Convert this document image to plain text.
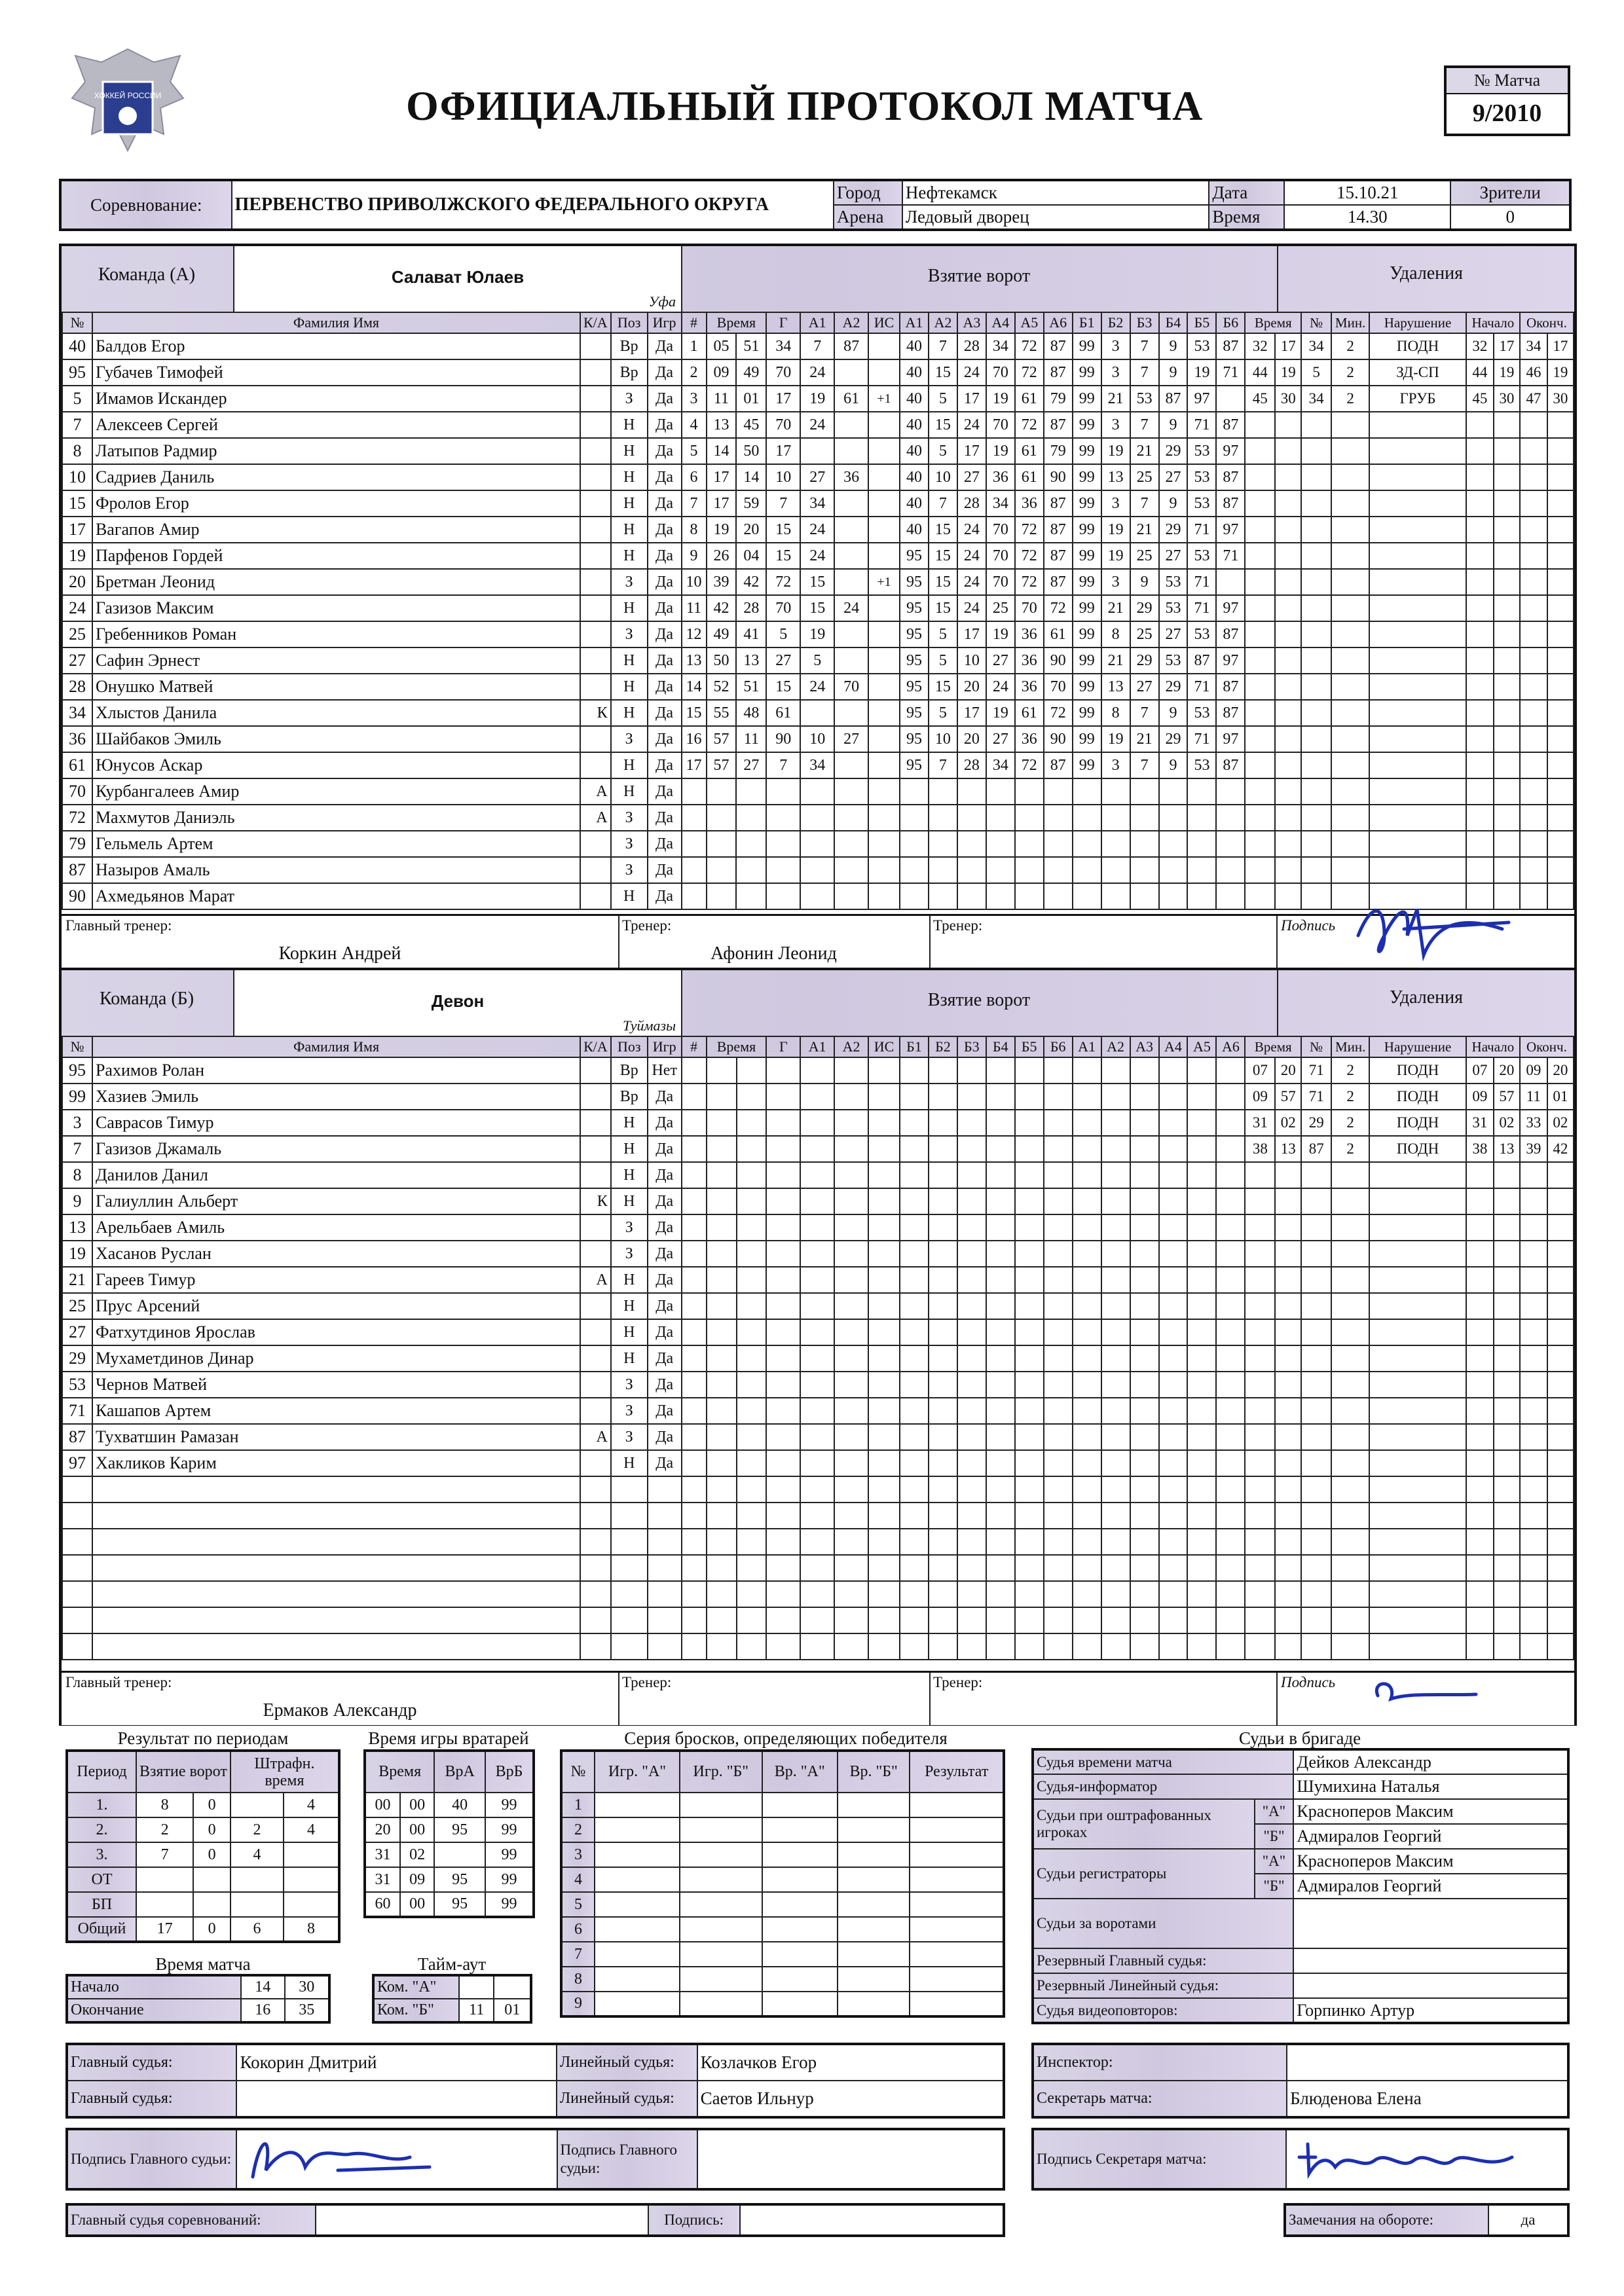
ХОККЕЙ РОССИИ	ОФИЦИАЛЬНЫЙ ПРОТОКОЛ МАТЧА
№ Матча
9/2010
Соревнование:	ПЕРВЕНСТВО ПРИВОЛЖСКОГО ФЕДЕРАЛЬНОГО ОКРУГА	Город	Нефтекамск	Дата	15.10.21	Зрители
		Арена	Ледовый дворец	Время	14.30	0
Команда (А)	Салават Юлаев
Уфа
Взятие ворот	Удаления
№	Фамилия Имя	К/А	Поз	Игр	#	Время		Г	А1	А2	ИС	А1	А2	А3	А4	А5	А6	Б1	Б2	Б3	Б4	Б5	Б6	Время		№	Мин.	Нарушение	Начало		Оконч.	
40	Балдов Егор		Вр	Да	1	05	51	34	7	87		40	7	28	34	72	87	99	3	7	9	53	87	32	17	34	2	ПОДН	32	17	34	17
95	Губачев Тимофей		Вр	Да	2	09	49	70	24			40	15	24	70	72	87	99	3	7	9	19	71	44	19	5	2	ЗД-СП	44	19	46	19
5	Имамов Искандер		З	Да	3	11	01	17	19	61	+1	40	5	17	19	61	79	99	21	53	87	97		45	30	34	2	ГРУБ	45	30	47	30
7	Алексеев Сергей		Н	Да	4	13	45	70	24			40	15	24	70	72	87	99	3	7	9	71	87									
8	Латыпов Радмир		Н	Да	5	14	50	17				40	5	17	19	61	79	99	19	21	29	53	97									
10	Садриев Даниль		Н	Да	6	17	14	10	27	36		40	10	27	36	61	90	99	13	25	27	53	87									
15	Фролов Егор		Н	Да	7	17	59	7	34			40	7	28	34	36	87	99	3	7	9	53	87									
17	Вагапов Амир		Н	Да	8	19	20	15	24			40	15	24	70	72	87	99	19	21	29	71	97									
19	Парфенов Гордей		Н	Да	9	26	04	15	24			95	15	24	70	72	87	99	19	25	27	53	71									
20	Бретман Леонид		З	Да	10	39	42	72	15		+1	95	15	24	70	72	87	99	3	9	53	71										
24	Газизов Максим		Н	Да	11	42	28	70	15	24		95	15	24	25	70	72	99	21	29	53	71	97									
25	Гребенников Роман		З	Да	12	49	41	5	19			95	5	17	19	36	61	99	8	25	27	53	87									
27	Сафин Эрнест		Н	Да	13	50	13	27	5			95	5	10	27	36	90	99	21	29	53	87	97									
28	Онушко Матвей		Н	Да	14	52	51	15	24	70		95	15	20	24	36	70	99	13	27	29	71	87									
34	Хлыстов Данила	К	Н	Да	15	55	48	61				95	5	17	19	61	72	99	8	7	9	53	87									
36	Шайбаков Эмиль		З	Да	16	57	11	90	10	27		95	10	20	27	36	90	99	19	21	29	71	97									
61	Юнусов Аскар		Н	Да	17	57	27	7	34			95	7	28	34	72	87	99	3	7	9	53	87									
70	Курбангалеев Амир	А	Н	Да																												
72	Махмутов Даниэль	А	З	Да																												
79	Гельмель Артем		З	Да																												
87	Назыров Амаль		З	Да																												
90	Ахмедьянов Марат		Н	Да																												
Главный тренер:
Коркин Андрей
Тренер:
Афонин Леонид
Тренер:	Подпись
Команда (Б)	Девон
Туймазы
Взятие ворот	Удаления
№	Фамилия Имя	К/А	Поз	Игр	#	Время		Г	А1	А2	ИС	Б1	Б2	Б3	Б4	Б5	Б6	А1	А2	А3	А4	А5	А6	Время		№	Мин.	Нарушение	Начало		Оконч.	
95	Рахимов Ролан		Вр	Нет																				07	20	71	2	ПОДН	07	20	09	20
99	Хазиев Эмиль		Вр	Да																				09	57	71	2	ПОДН	09	57	11	01
3	Саврасов Тимур		Н	Да																				31	02	29	2	ПОДН	31	02	33	02
7	Газизов Джамаль		Н	Да																				38	13	87	2	ПОДН	38	13	39	42
8	Данилов Данил		Н	Да																												
9	Галиуллин Альберт	К	Н	Да																												
13	Арельбаев Амиль		З	Да																												
19	Хасанов Руслан		З	Да																												
21	Гареев Тимур	А	Н	Да																												
25	Прус Арсений		Н	Да																												
27	Фатхутдинов Ярослав		Н	Да																												
29	Мухаметдинов Динар		Н	Да																												
53	Чернов Матвей		З	Да																												
71	Кашапов Артем		З	Да																												
87	Тухватшин Рамазан	А	З	Да																												
97	Хакликов Карим		Н	Да																												

Главный тренер:
Ермаков Александр
Тренер:	Тренер:	Подпись
Результат по периодам
Период	Взятие ворот		Штрафн. время	
1.	8	0		4
2.	2	0	2	4
3.	7	0	4	
ОТ				
БП				
Общий	17	0	6	8
Время игры вратарей
Время		ВрА	ВрБ
00	00	40	99
20	00	95	99
31	02		99
31	09	95	99
60	00	95	99
Время матча
Начало	14	30
Окончание	16	35
Тайм-аут
Ком. "А"		
Ком. "Б"	11	01
Серия бросков, определяющих победителя
№	Игр. "А"	Игр. "Б"	Вр. "А"	Вр. "Б"	Результат
1					
2					
3					
4					
5					
6					
7					
8					
9					
Судьи в бригаде
Судья времени матча		Дейков Александр
Судья-информатор		Шумихина Наталья
Судьи при оштрафованных игроках	"А"	Красноперов Максим
	"Б"	Адмиралов Георгий
Судьи регистраторы	"А"	Красноперов Максим
	"Б"	Адмиралов Георгий
Судьи за воротами		
Резервный Главный судья:		
Резервный Линейный судья:		
Судья видеоповторов:		Горпинко Артур
Главный судья:	Кокорин Дмитрий	Линейный судья:	Козлачков Егор
Главный судья:		Линейный судья:	Саетов Ильнур
Инспектор:	
Секретарь матча:	Блюденова Елена
Подпись Главного судьи:		Подпись Главного судьи:	
Подпись Секретаря матча:	
Главный судья соревнований:		Подпись:		Замечания на обороте:	да
